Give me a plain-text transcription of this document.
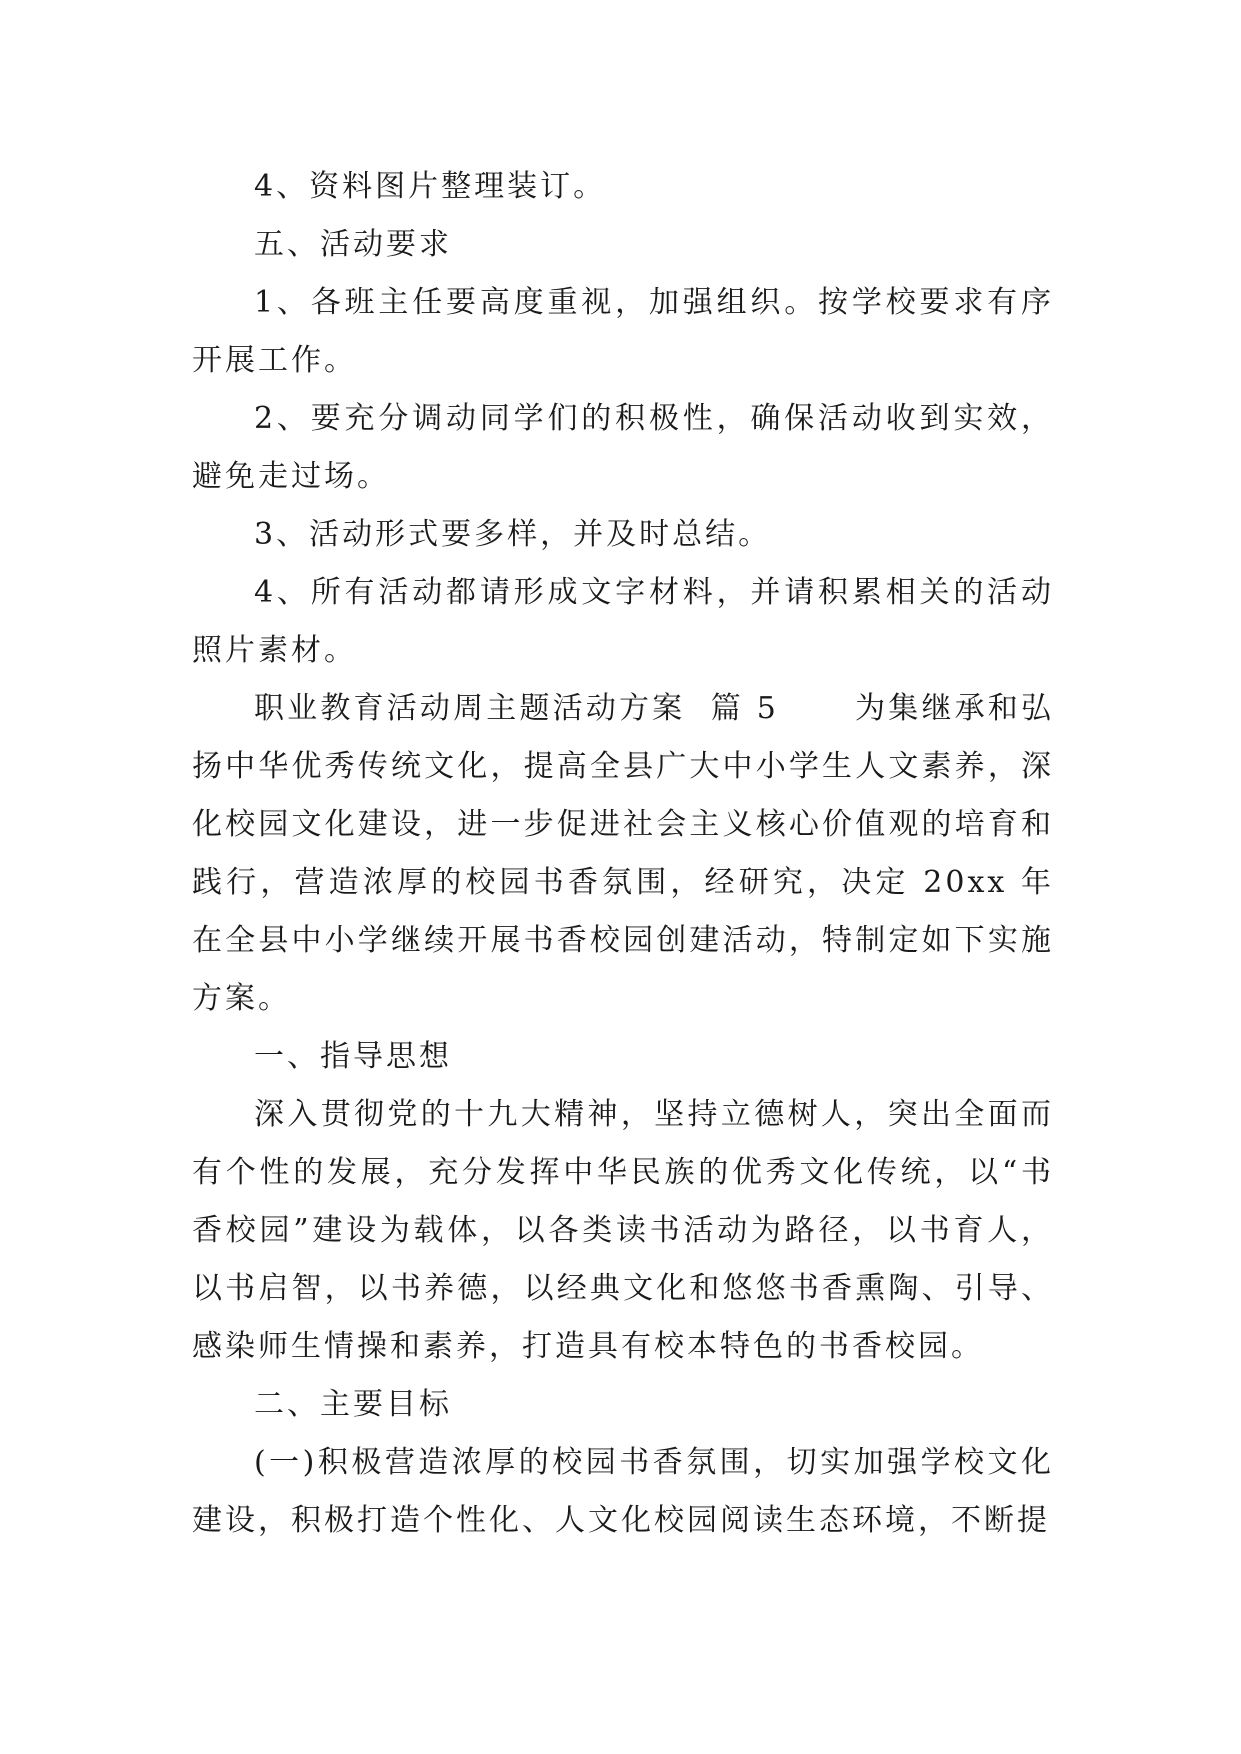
4、资料图片整理装订。

五、活动要求

1、各班主任要高度重视，加强组织。按学校要求有序开展工作。

2、要充分调动同学们的积极性，确保活动收到实效，避免走过场。

3、活动形式要多样，并及时总结。

4、所有活动都请形成文字材料，并请积累相关的活动照片素材。

职业教育活动周主题活动方案  篇 5      为集继承和弘扬中华优秀传统文化，提高全县广大中小学生人文素养，深化校园文化建设，进一步促进社会主义核心价值观的培育和践行，营造浓厚的校园书香氛围，经研究，决定 20xx 年在全县中小学继续开展书香校园创建活动，特制定如下实施方案。

一、指导思想

深入贯彻党的十九大精神，坚持立德树人，突出全面而有个性的发展，充分发挥中华民族的优秀文化传统，以“书香校园”建设为载体，以各类读书活动为路径，以书育人，以书启智，以书养德，以经典文化和悠悠书香熏陶、引导、感染师生情操和素养，打造具有校本特色的书香校园。

二、主要目标

(一)积极营造浓厚的校园书香氛围，切实加强学校文化建设，积极打造个性化、人文化校园阅读生态环境，不断提
